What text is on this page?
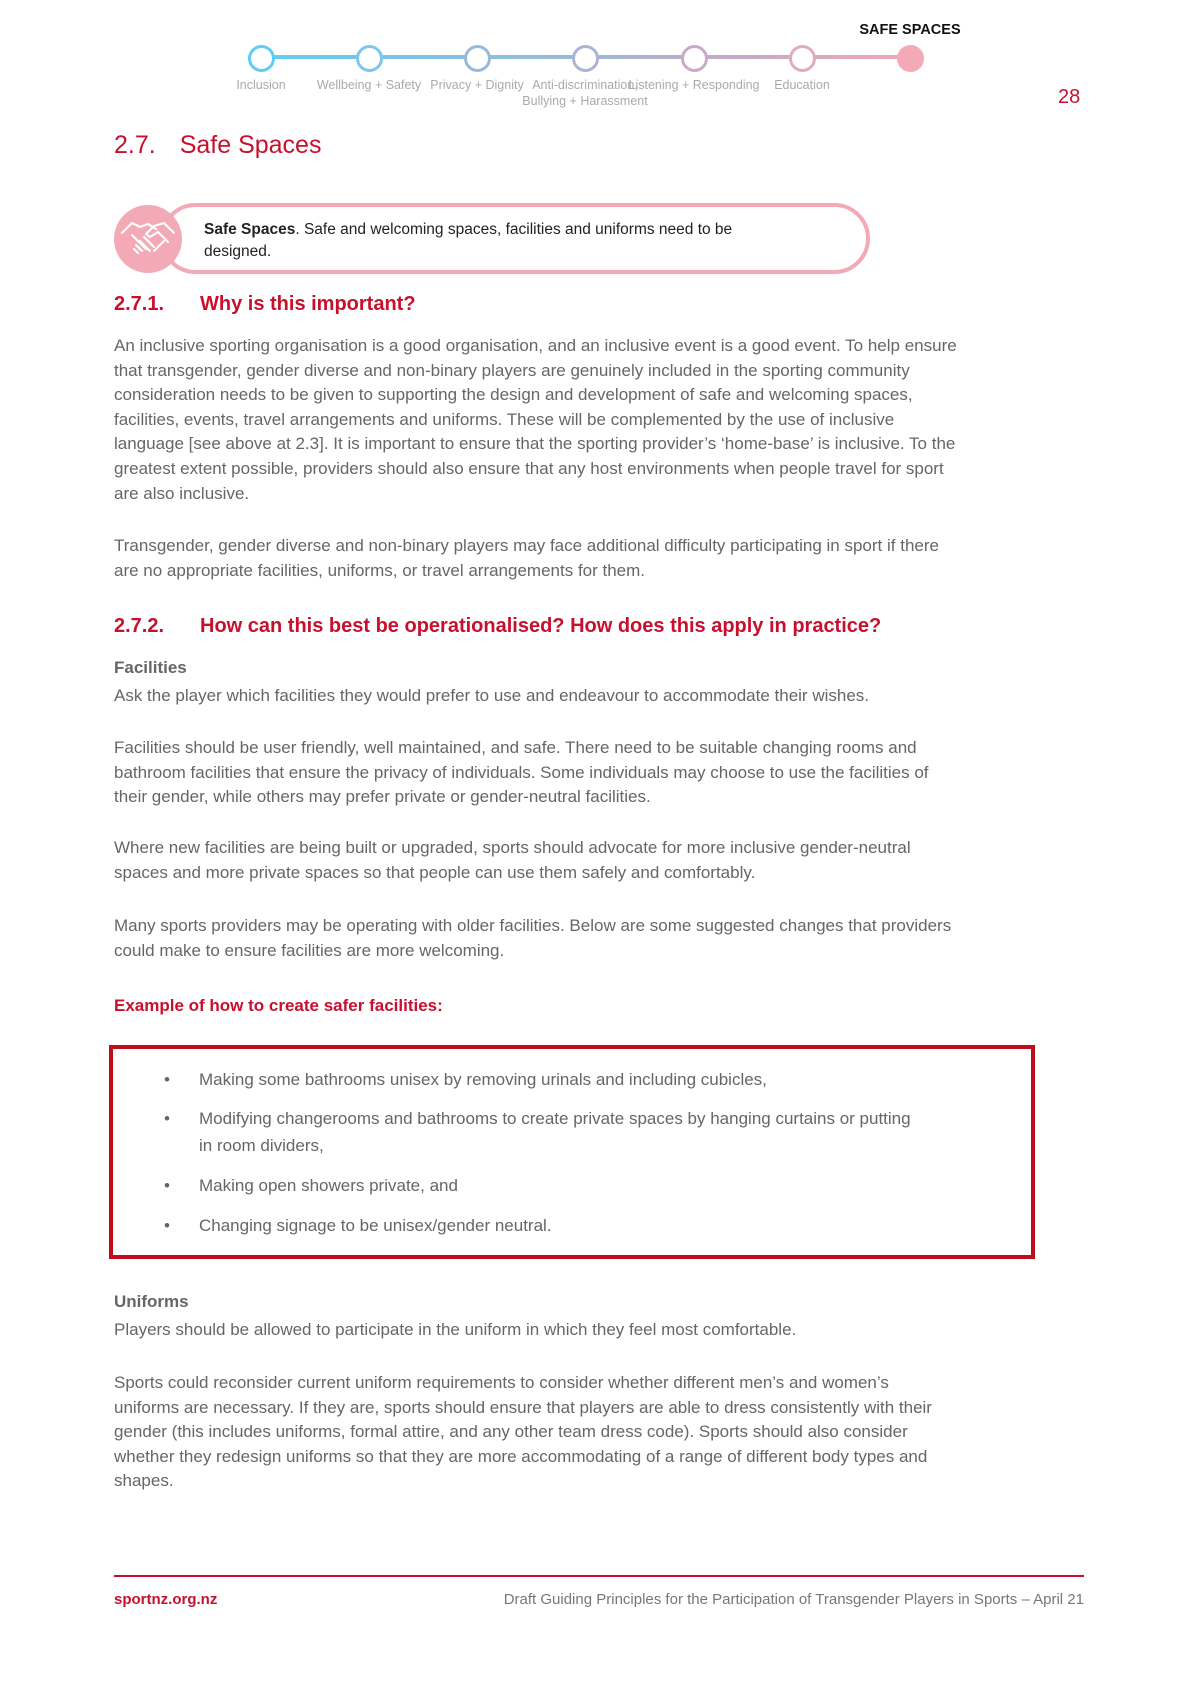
Inclusion	Wellbeing + Safety Privacy + Dignity Anti-discrimination, Bullying + Harassment
Listening + Responding	Education
SAFE SPACES
28
2.7. Safe Spaces
Safe Spaces. Safe and welcoming spaces, facilities and uniforms need to be designed.
2.7.1. Why is this important?
An inclusive sporting organisation is a good organisation, and an inclusive event is a good event. To help ensure
that transgender, gender diverse and non-binary players are genuinely included in the sporting community
consideration needs to be given to supporting the design and development of safe and welcoming spaces,
facilities, events, travel arrangements and uniforms. These will be complemented by the use of inclusive
language [see above at 2.3]. It is important to ensure that the sporting provider’s ‘home-base’ is inclusive. To the
greatest extent possible, providers should also ensure that any host environments when people travel for sport
are also inclusive.
Transgender, gender diverse and non-binary players may face additional difficulty participating in sport if there
are no appropriate facilities, uniforms, or travel arrangements for them.
2.7.2. How can this best be operationalised? How does this apply in practice?
Facilities
Ask the player which facilities they would prefer to use and endeavour to accommodate their wishes.
Facilities should be user friendly, well maintained, and safe. There need to be suitable changing rooms and
bathroom facilities that ensure the privacy of individuals. Some individuals may choose to use the facilities of
their gender, while others may prefer private or gender-neutral facilities.
Where new facilities are being built or upgraded, sports should advocate for more inclusive gender-neutral
spaces and more private spaces so that people can use them safely and comfortably.
Many sports providers may be operating with older facilities. Below are some suggested changes that providers
could make to ensure facilities are more welcoming.
Example of how to create safer facilities:
• Making some bathrooms unisex by removing urinals and including cubicles,
• Modifying changerooms and bathrooms to create private spaces by hanging curtains or putting
in room dividers,
• Making open showers private, and
• Changing signage to be unisex/gender neutral.
Uniforms
Players should be allowed to participate in the uniform in which they feel most comfortable.
Sports could reconsider current uniform requirements to consider whether different men’s and women’s
uniforms are necessary. If they are, sports should ensure that players are able to dress consistently with their
gender (this includes uniforms, formal attire, and any other team dress code). Sports should also consider
whether they redesign uniforms so that they are more accommodating of a range of different body types and
shapes.
sportnz.org.nz	Draft Guiding Principles for the Participation of Transgender Players in Sports – April 21
